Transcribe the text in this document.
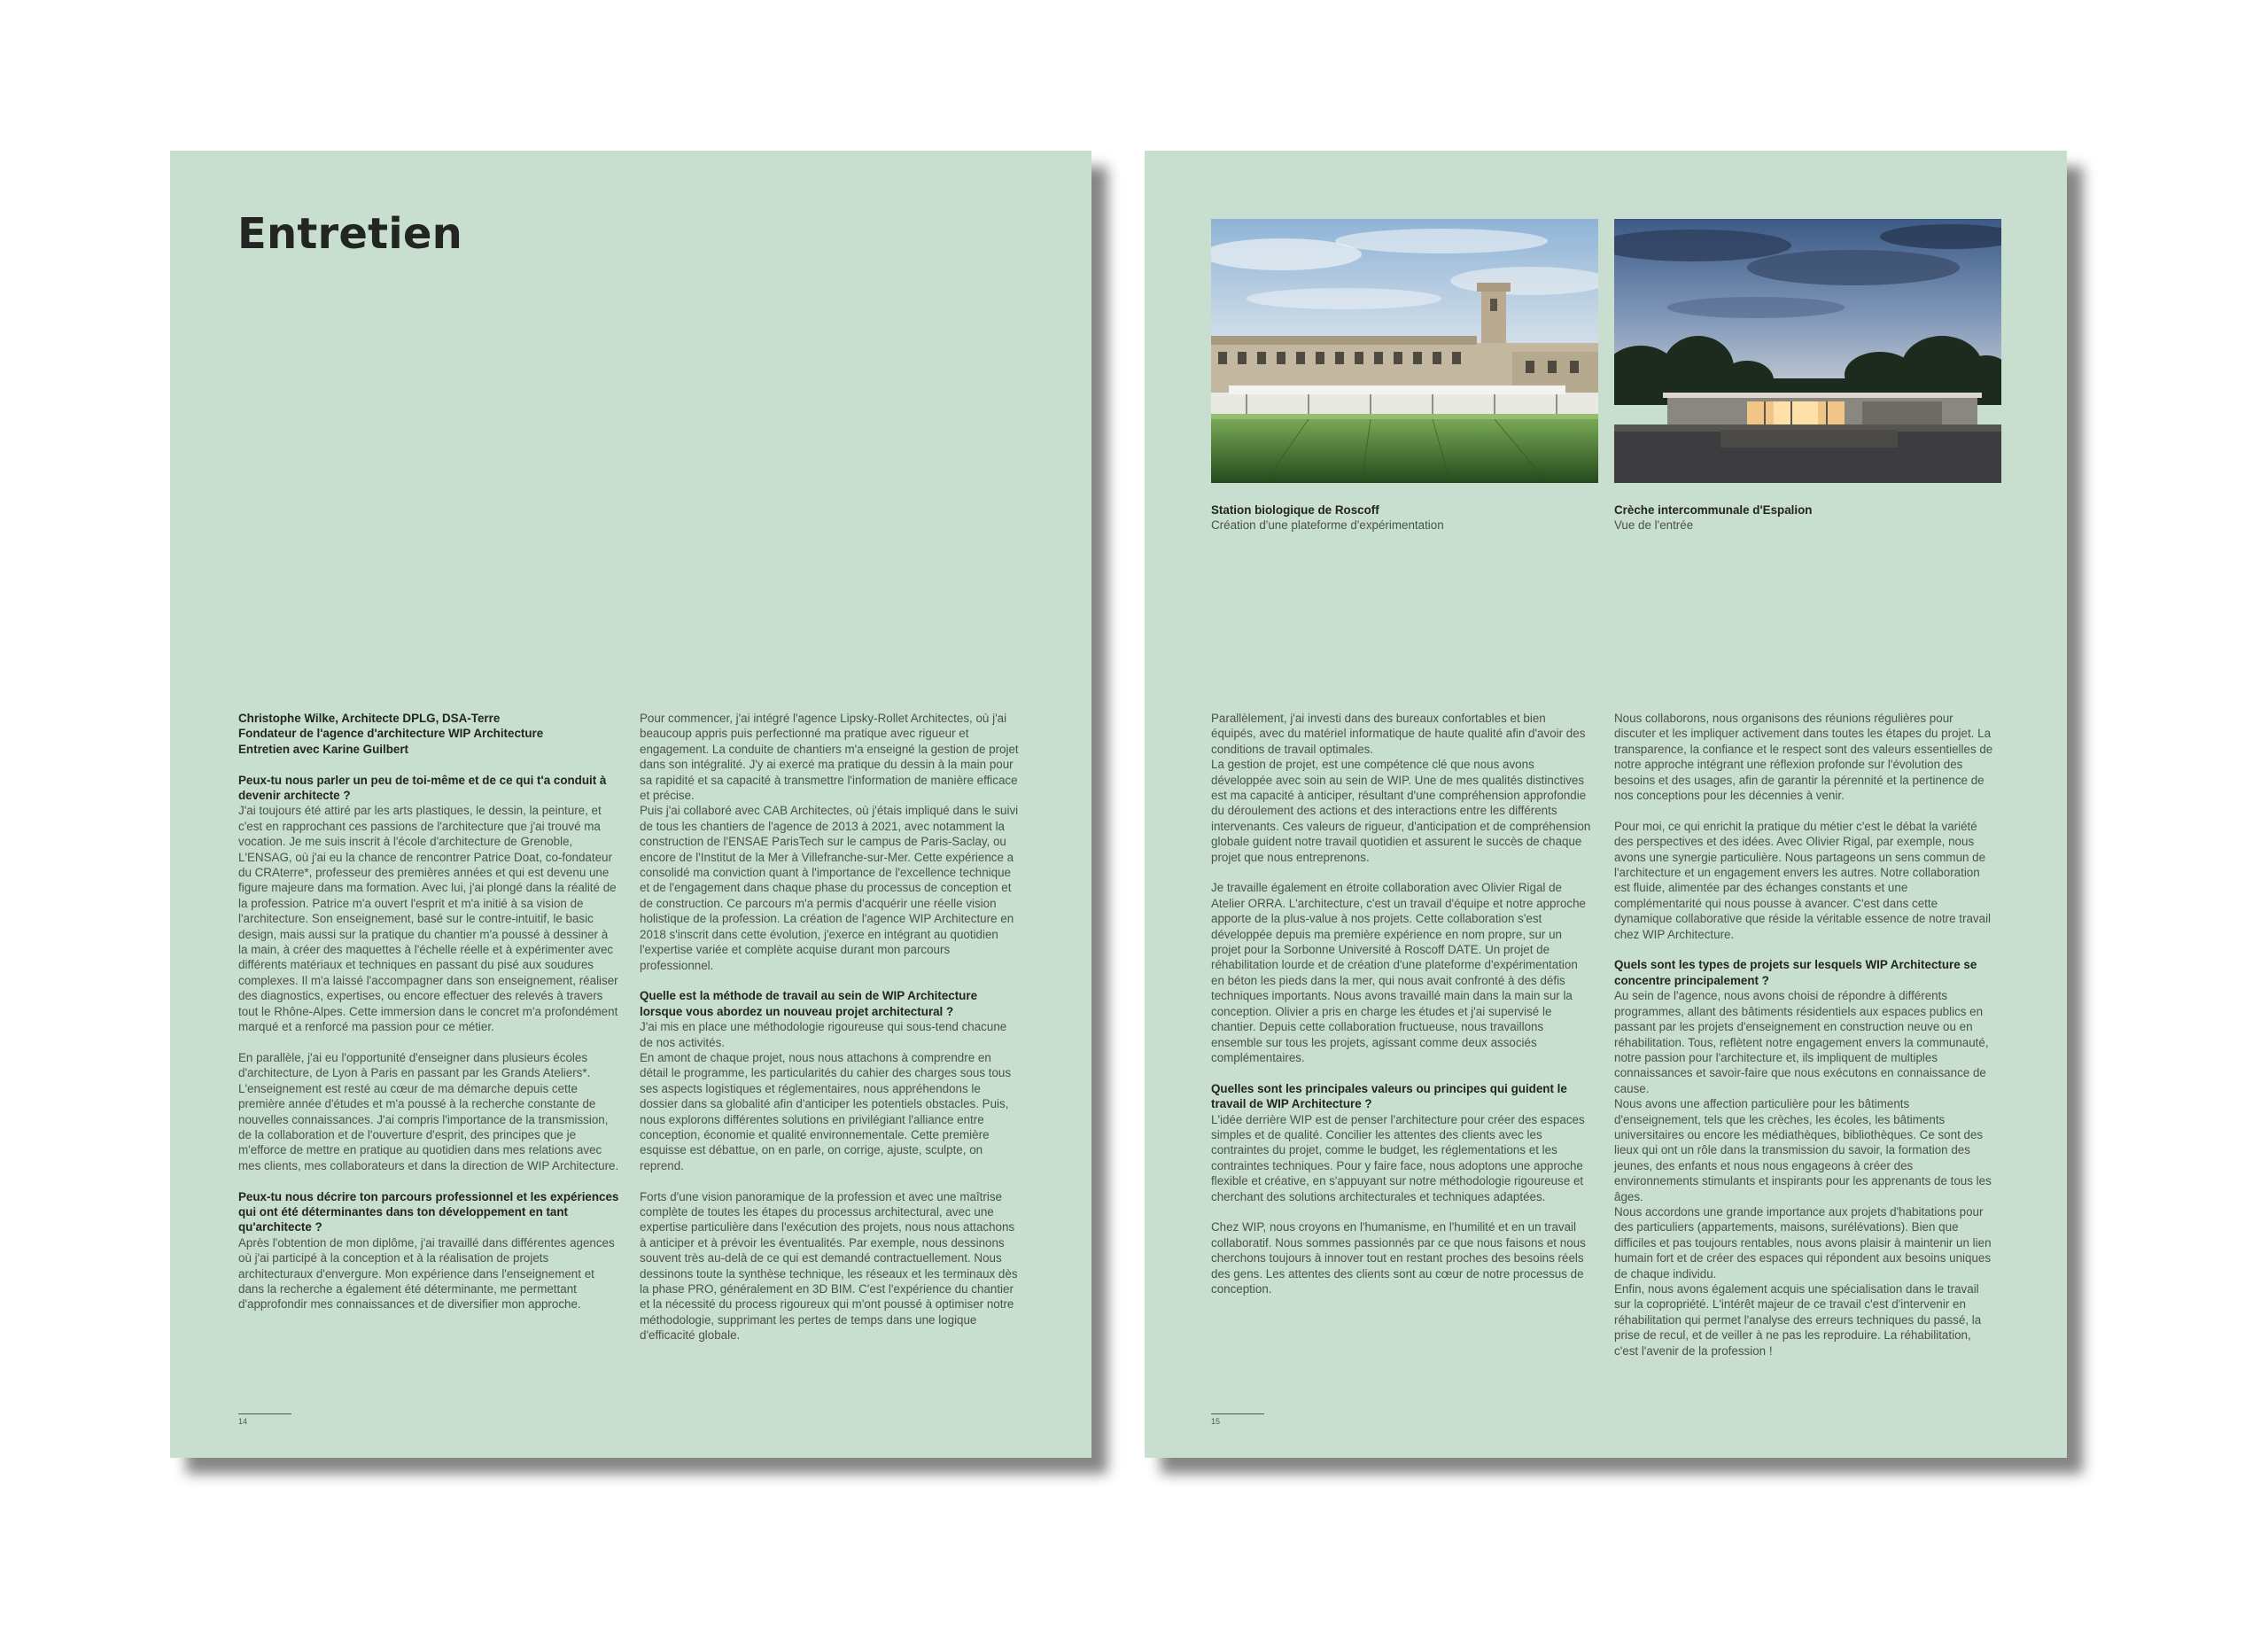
Entretien

Christophe Wilke, Architecte DPLG, DSA-Terre
Fondateur de l'agence d'architecture WIP Architecture
Entretien avec Karine Guilbert

Peux-tu nous parler un peu de toi-même et de ce qui t'a conduit à devenir architecte ?

J'ai toujours été attiré par les arts plastiques, le dessin, la peinture, et c'est en rapprochant ces passions de l'architecture que j'ai trouvé ma vocation. Je me suis inscrit à l'école d'architecture de Grenoble, L'ENSAG, où j'ai eu la chance de rencontrer Patrice Doat, co-fondateur du CRAterre*, professeur des premières années et qui est devenu une figure majeure dans ma formation. Avec lui, j'ai plongé dans la réalité de la profession. Patrice m'a ouvert l'esprit et m'a initié à sa vision de l'architecture. Son enseignement, basé sur le contre-intuitif, le basic design, mais aussi sur la pratique du chantier m'a poussé à dessiner à la main, à créer des maquettes à l'échelle réelle et à expérimenter avec différents matériaux et techniques en passant du pisé aux soudures complexes. Il m'a laissé l'accompagner dans son enseignement, réaliser des diagnostics, expertises, ou encore effectuer des relevés à travers tout le Rhône-Alpes. Cette immersion dans le concret m'a profondément marqué et a renforcé ma passion pour ce métier.

En parallèle, j'ai eu l'opportunité d'enseigner dans plusieurs écoles d'architecture, de Lyon à Paris en passant par les Grands Ateliers*. L'enseignement est resté au cœur de ma démarche depuis cette première année d'études et m'a poussé à la recherche constante de nouvelles connaissances. J'ai compris l'importance de la transmission, de la collaboration et de l'ouverture d'esprit, des principes que je m'efforce de mettre en pratique au quotidien dans mes relations avec mes clients, mes collaborateurs et dans la direction de WIP Architecture.

Peux-tu nous décrire ton parcours professionnel et les expériences qui ont été déterminantes dans ton développement en tant qu'architecte ?

Après l'obtention de mon diplôme, j'ai travaillé dans différentes agences où j'ai participé à la conception et à la réalisation de projets architecturaux d'envergure. Mon expérience dans l'enseignement et dans la recherche a également été déterminante, me permettant d'approfondir mes connaissances et de diversifier mon approche.

Pour commencer, j'ai intégré l'agence Lipsky-Rollet Architectes, où j'ai beaucoup appris puis perfectionné ma pratique avec rigueur et engagement. La conduite de chantiers m'a enseigné la gestion de projet dans son intégralité. J'y ai exercé ma pratique du dessin à la main pour sa rapidité et sa capacité à transmettre l'information de manière efficace et précise.

Puis j'ai collaboré avec CAB Architectes, où j'étais impliqué dans le suivi de tous les chantiers de l'agence de 2013 à 2021, avec notamment la construction de l'ENSAE ParisTech sur le campus de Paris-Saclay, ou encore de l'Institut de la Mer à Villefranche-sur-Mer. Cette expérience a consolidé ma conviction quant à l'importance de l'excellence technique et de l'engagement dans chaque phase du processus de conception et de construction. Ce parcours m'a permis d'acquérir une réelle vision holistique de la profession. La création de l'agence WIP Architecture en 2018 s'inscrit dans cette évolution, j'exerce en intégrant au quotidien l'expertise variée et complète acquise durant mon parcours professionnel.

Quelle est la méthode de travail au sein de WIP Architecture lorsque vous abordez un nouveau projet architectural ?

J'ai mis en place une méthodologie rigoureuse qui sous-tend chacune de nos activités.

En amont de chaque projet, nous nous attachons à comprendre en détail le programme, les particularités du cahier des charges sous tous ses aspects logistiques et réglementaires, nous appréhendons le dossier dans sa globalité afin d'anticiper les potentiels obstacles. Puis, nous explorons différentes solutions en privilégiant l'alliance entre conception, économie et qualité environnementale. Cette première esquisse est débattue, on en parle, on corrige, ajuste, sculpte, on reprend.

Forts d'une vision panoramique de la profession et avec une maîtrise complète de toutes les étapes du processus architectural, avec une expertise particulière dans l'exécution des projets, nous nous attachons à anticiper et à prévoir les éventualités. Par exemple, nous dessinons souvent très au-delà de ce qui est demandé contractuellement. Nous dessinons toute la synthèse technique, les réseaux et les terminaux dès la phase PRO, généralement en 3D BIM. C'est l'expérience du chantier et la nécessité du process rigoureux qui m'ont poussé à optimiser notre méthodologie, supprimant les pertes de temps dans une logique d'efficacité globale.

14
Station biologique de Roscoff
Création d'une plateforme d'expérimentation
Crèche intercommunale d'Espalion
Vue de l'entrée

Parallèlement, j'ai investi dans des bureaux confortables et bien équipés, avec du matériel informatique de haute qualité afin d'avoir des conditions de travail optimales.

La gestion de projet, est une compétence clé que nous avons développée avec soin au sein de WIP. Une de mes qualités distinctives est ma capacité à anticiper, résultant d'une compréhension approfondie du déroulement des actions et des interactions entre les différents intervenants. Ces valeurs de rigueur, d'anticipation et de compréhension globale guident notre travail quotidien et assurent le succès de chaque projet que nous entreprenons.

Je travaille également en étroite collaboration avec Olivier Rigal de Atelier ORRA. L'architecture, c'est un travail d'équipe et notre approche apporte de la plus-value à nos projets. Cette collaboration s'est développée depuis ma première expérience en nom propre, sur un projet pour la Sorbonne Université à Roscoff DATE. Un projet de réhabilitation lourde et de création d'une plateforme d'expérimentation en béton les pieds dans la mer, qui nous avait confronté à des défis techniques importants. Nous avons travaillé main dans la main sur la conception. Olivier a pris en charge les études et j'ai supervisé le chantier. Depuis cette collaboration fructueuse, nous travaillons ensemble sur tous les projets, agissant comme deux associés complémentaires.

Quelles sont les principales valeurs ou principes qui guident le travail de WIP Architecture ?

L'idée derrière WIP est de penser l'architecture pour créer des espaces simples et de qualité. Concilier les attentes des clients avec les contraintes du projet, comme le budget, les réglementations et les contraintes techniques. Pour y faire face, nous adoptons une approche flexible et créative, en s'appuyant sur notre méthodologie rigoureuse et cherchant des solutions architecturales et techniques adaptées.

Chez WIP, nous croyons en l'humanisme, en l'humilité et en un travail collaboratif. Nous sommes passionnés par ce que nous faisons et nous cherchons toujours à innover tout en restant proches des besoins réels des gens. Les attentes des clients sont au cœur de notre processus de conception.

Nous collaborons, nous organisons des réunions régulières pour discuter et les impliquer activement dans toutes les étapes du projet. La transparence, la confiance et le respect sont des valeurs essentielles de notre approche intégrant une réflexion profonde sur l'évolution des besoins et des usages, afin de garantir la pérennité et la pertinence de nos conceptions pour les décennies à venir.

Pour moi, ce qui enrichit la pratique du métier c'est le débat la variété des perspectives et des idées. Avec Olivier Rigal, par exemple, nous avons une synergie particulière. Nous partageons un sens commun de l'architecture et un engagement envers les autres. Notre collaboration est fluide, alimentée par des échanges constants et une complémentarité qui nous pousse à avancer. C'est dans cette dynamique collaborative que réside la véritable essence de notre travail chez WIP Architecture.

Quels sont les types de projets sur lesquels WIP Architecture se concentre principalement ?

Au sein de l'agence, nous avons choisi de répondre à différents programmes, allant des bâtiments résidentiels aux espaces publics en passant par les projets d'enseignement en construction neuve ou en réhabilitation. Tous, reflètent notre engagement envers la communauté, notre passion pour l'architecture et, ils impliquent de multiples connaissances et savoir-faire que nous exécutons en connaissance de cause.

Nous avons une affection particulière pour les bâtiments d'enseignement, tels que les crèches, les écoles, les bâtiments universitaires ou encore les médiathèques, bibliothèques. Ce sont des lieux qui ont un rôle dans la transmission du savoir, la formation des jeunes, des enfants et nous nous engageons à créer des environnements stimulants et inspirants pour les apprenants de tous les âges.

Nous accordons une grande importance aux projets d'habitations pour des particuliers (appartements, maisons, surélévations). Bien que difficiles et pas toujours rentables, nous avons plaisir à maintenir un lien humain fort et de créer des espaces qui répondent aux besoins uniques de chaque individu.

Enfin, nous avons également acquis une spécialisation dans le travail sur la copropriété. L'intérêt majeur de ce travail c'est d'intervenir en réhabilitation qui permet l'analyse des erreurs techniques du passé, la prise de recul, et de veiller à ne pas les reproduire. La réhabilitation, c'est l'avenir de la profession !

15
